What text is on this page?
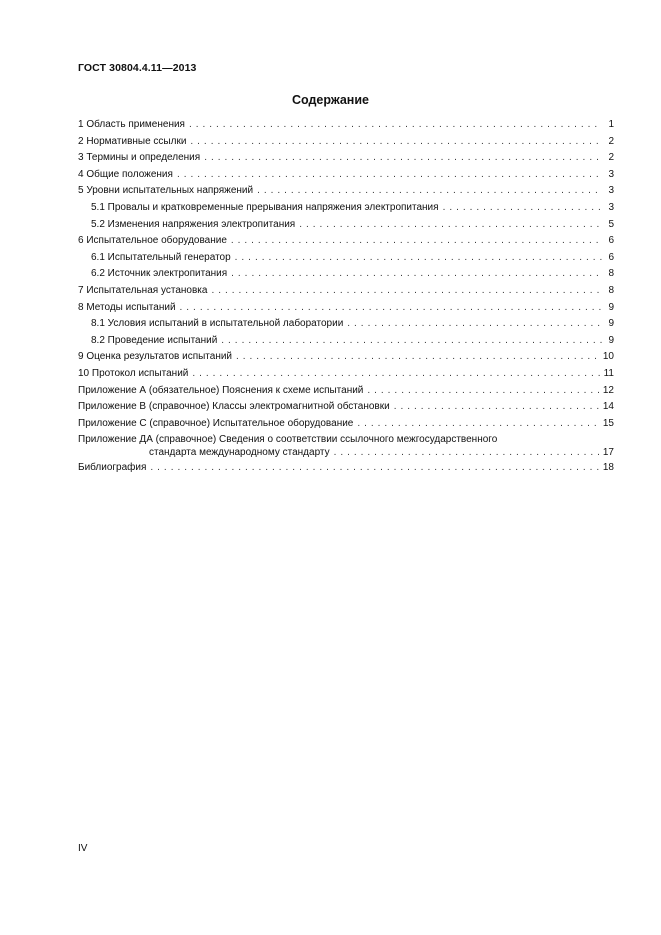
ГОСТ 30804.4.11—2013
Содержание
1 Область применения . . .	1
2 Нормативные ссылки . . .	2
3 Термины и определения . . .	2
4 Общие положения . . .	3
5 Уровни испытательных напряжений . . .	3
5.1 Провалы и кратковременные прерывания напряжения электропитания . . .	3
5.2 Изменения напряжения электропитания . . .	5
6 Испытательное оборудование . . .	6
6.1 Испытательный генератор . . .	6
6.2 Источник электропитания . . .	8
7 Испытательная установка . . .	8
8 Методы испытаний . . .	9
8.1 Условия испытаний в испытательной лаборатории . . .	9
8.2 Проведение испытаний . . .	9
9 Оценка результатов испытаний . . .	10
10 Протокол испытаний . . .	11
Приложение А (обязательное) Пояснения к схеме испытаний . . .	12
Приложение В (справочное) Классы электромагнитной обстановки . . .	14
Приложение С (справочное) Испытательное оборудование . . .	15
Приложение ДА (справочное) Сведения о соответствии ссылочного межгосударственного
стандарта международному стандарту . . .	17
Библиография . . .	18
IV
